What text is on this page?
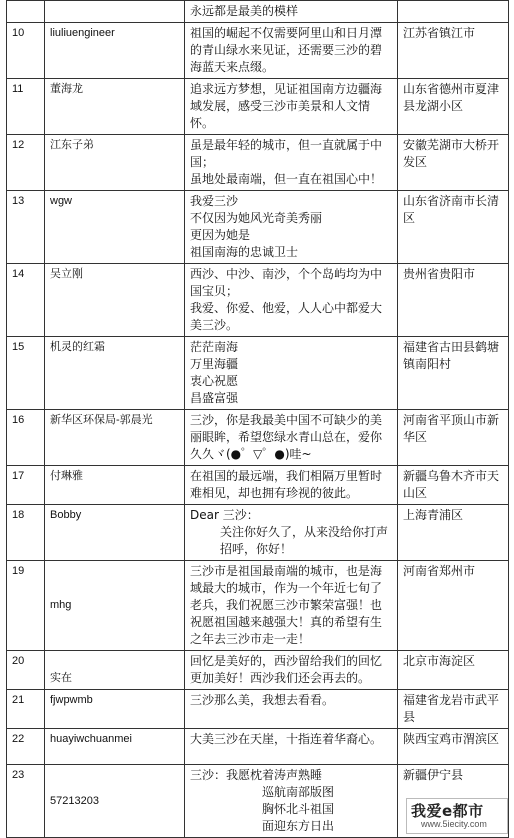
		永远都是最美的模样	
10	liuliuengineer	祖国的崛起不仅需要阿里山和日月潭的青山绿水来见证，还需要三沙的碧海蓝天来点缀。	江苏省镇江市

11	董海龙	追求远方梦想，见证祖国南方边疆海域发展，感受三沙市美景和人文情怀。	山东省德州市夏津县龙湖小区

12	江东子弟	虽是最年轻的城市，但一直就属于中国；
虽地处最南端，但一直在祖国心中！	安徽芜湖市大桥开发区

13	wgw	我爱三沙
不仅因为她风光奇美秀丽
更因为她是
祖国南海的忠诚卫士	山东省济南市长清区

14	吴立刚	西沙、中沙、南沙，个个岛屿均为中国宝贝；
我爱、你爱、他爱，人人心中都爱大美三沙。	贵州省贵阳市

15	机灵的红霜	茫茫南海
万里海疆
衷心祝愿
昌盛富强	福建省古田县鹤塘镇南阳村

16	新华区环保局-郭晨光	三沙，你是我最美中国不可缺少的美丽眼眸，希望您绿水青山总在，爱你久久ヾ(●゜▽゜●)哇~	河南省平顶山市新华区

17	付琳雅	在祖国的最远端，我们相隔万里暂时难相见，却也拥有珍视的彼此。	新疆乌鲁木齐市天山区

18	Bobby	Dear 三沙：
关注你好久了，从来没给你打声招呼，你好！	上海青浦区

19	mhg	三沙市是祖国最南端的城市，也是海域最大的城市，作为一个年近七旬了老兵，我们祝愿三沙市繁荣富强！也祝愿祖国越来越强大！真的希望有生之年去三沙市走一走！	河南省郑州市

20	实在	回忆是美好的，西沙留给我们的回忆更加美好！西沙我们还会再去的。	北京市海淀区

21	fjwpwmb	三沙那么美，我想去看看。	福建省龙岩市武平县

22	huayiwchuanmei	大美三沙在天崖，十指连着华裔心。	陕西宝鸡市渭滨区

23	57213203	三沙：我愿枕着涛声熟睡
巡航南部版图
胸怀北斗祖国
面迎东方日出	新疆伊宁县
我爱e都市
www.5iecity.com
